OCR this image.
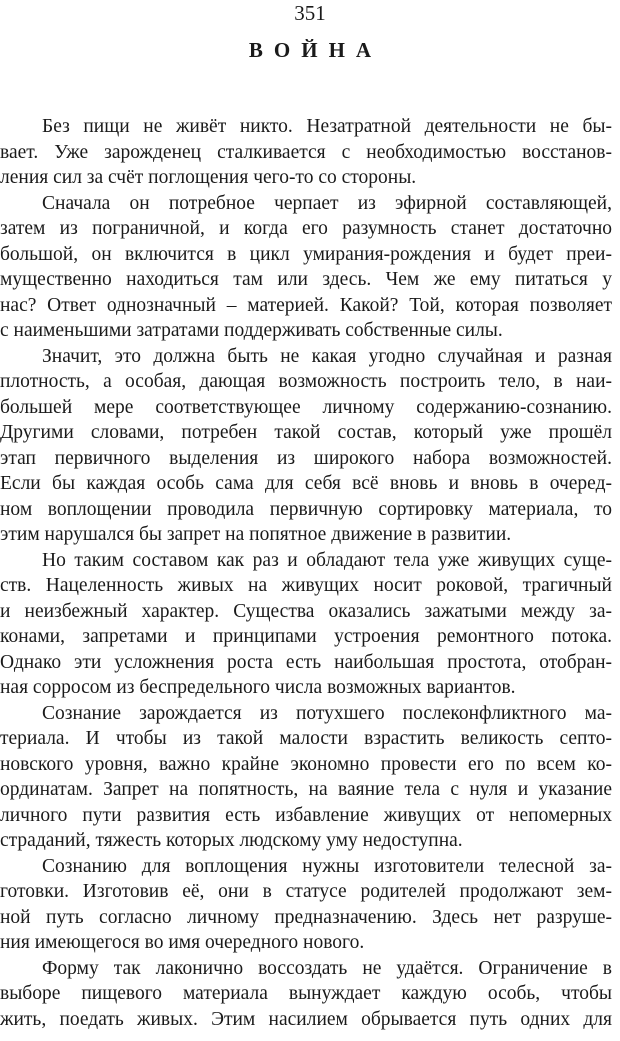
351
ВОЙНА
Без пищи не живёт никто. Незатратной деятельности не бы-
вает. Уже зарожденец сталкивается с необходимостью восстанов-
ления сил за счёт поглощения чего-то со стороны.
Сначала он потребное черпает из эфирной составляющей,
затем из пограничной, и когда его разумность станет достаточно
большой, он включится в цикл умирания-рождения и будет преи-
мущественно находиться там или здесь. Чем же ему питаться у
нас? Ответ однозначный – материей. Какой? Той, которая позволяет
с наименьшими затратами поддерживать собственные силы.
Значит, это должна быть не какая угодно случайная и разная
плотность, а особая, дающая возможность построить тело, в наи-
большей мере соответствующее личному содержанию-сознанию.
Другими словами, потребен такой состав, который уже прошёл
этап первичного выделения из широкого набора возможностей.
Если бы каждая особь сама для себя всё вновь и вновь в очеред-
ном воплощении проводила первичную сортировку материала, то
этим нарушался бы запрет на попятное движение в развитии.
Но таким составом как раз и обладают тела уже живущих суще-
ств. Нацеленность живых на живущих носит роковой, трагичный
и неизбежный характер. Существа оказались зажатыми между за-
конами, запретами и принципами устроения ремонтного потока.
Однако эти усложнения роста есть наибольшая простота, отобран-
ная сорросом из беспредельного числа возможных вариантов.
Сознание зарождается из потухшего послеконфликтного ма-
териала. И чтобы из такой малости взрастить великость септо-
новского уровня, важно крайне экономно провести его по всем ко-
ординатам. Запрет на попятность, на ваяние тела с нуля и указание
личного пути развития есть избавление живущих от непомерных
страданий, тяжесть которых людскому уму недоступна.
Сознанию для воплощения нужны изготовители телесной за-
готовки. Изготовив её, они в статусе родителей продолжают зем-
ной путь согласно личному предназначению. Здесь нет разруше-
ния имеющегося во имя очередного нового.
Форму так лаконично воссоздать не удаётся. Ограничение в
выборе пищевого материала вынуждает каждую особь, чтобы
жить, поедать живых. Этим насилием обрывается путь одних для
